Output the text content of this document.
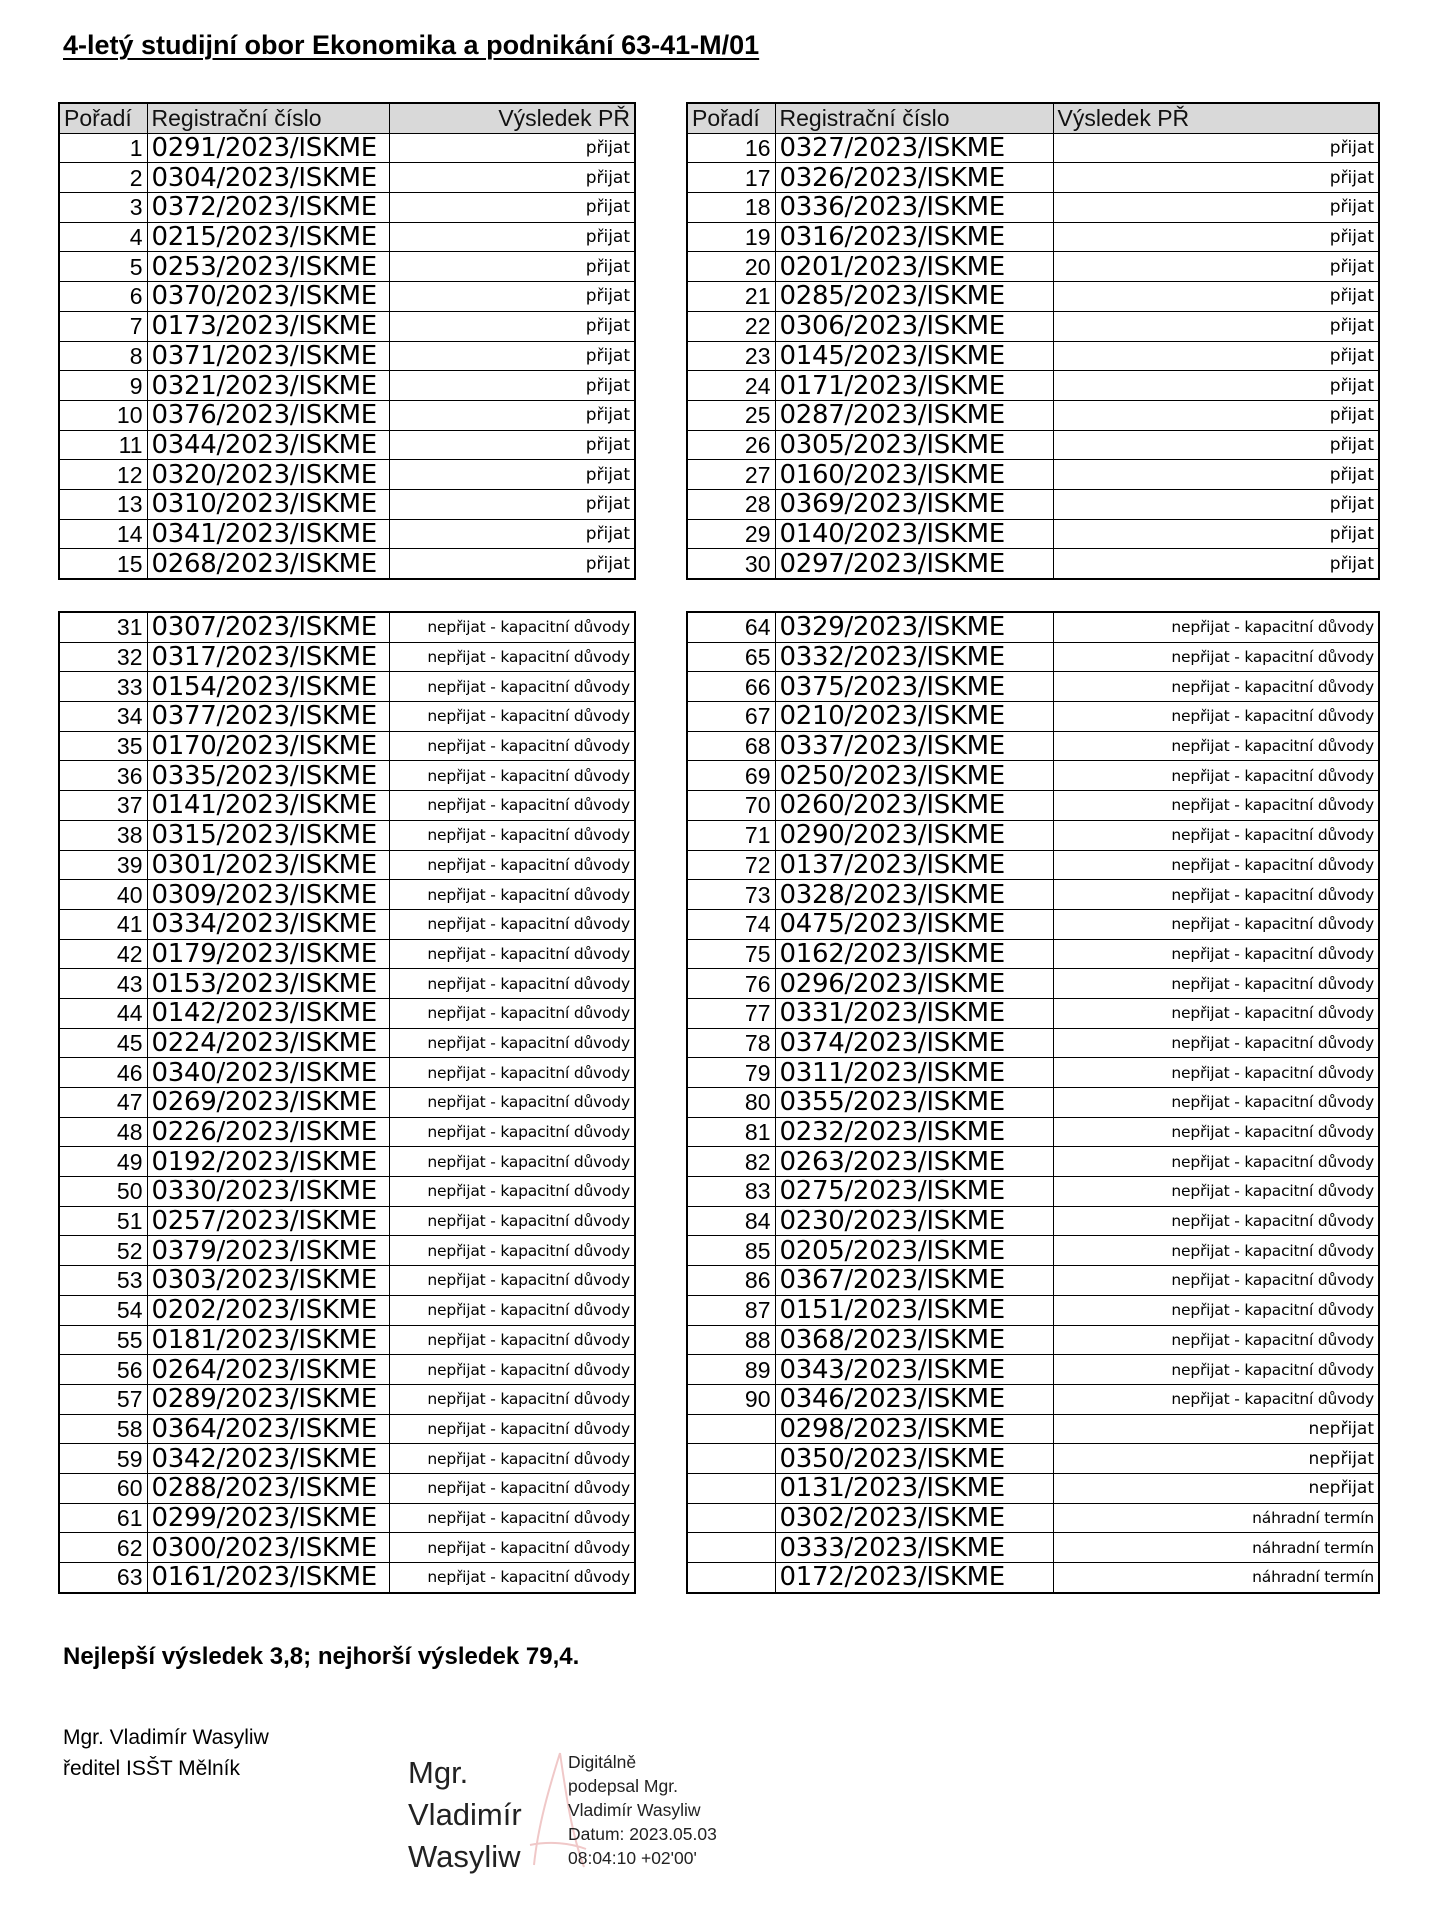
4-letý studijní obor Ekonomika a podnikání 63-41-M/01
Pořadí	Registrační číslo	Výsledek PŘ
1	0291/2023/ISKME	přijat
2	0304/2023/ISKME	přijat
3	0372/2023/ISKME	přijat
4	0215/2023/ISKME	přijat
5	0253/2023/ISKME	přijat
6	0370/2023/ISKME	přijat
7	0173/2023/ISKME	přijat
8	0371/2023/ISKME	přijat
9	0321/2023/ISKME	přijat
10	0376/2023/ISKME	přijat
11	0344/2023/ISKME	přijat
12	0320/2023/ISKME	přijat
13	0310/2023/ISKME	přijat
14	0341/2023/ISKME	přijat
15	0268/2023/ISKME	přijat
Pořadí	Registrační číslo	Výsledek PŘ
16	0327/2023/ISKME	přijat
17	0326/2023/ISKME	přijat
18	0336/2023/ISKME	přijat
19	0316/2023/ISKME	přijat
20	0201/2023/ISKME	přijat
21	0285/2023/ISKME	přijat
22	0306/2023/ISKME	přijat
23	0145/2023/ISKME	přijat
24	0171/2023/ISKME	přijat
25	0287/2023/ISKME	přijat
26	0305/2023/ISKME	přijat
27	0160/2023/ISKME	přijat
28	0369/2023/ISKME	přijat
29	0140/2023/ISKME	přijat
30	0297/2023/ISKME	přijat
31	0307/2023/ISKME	nepřijat - kapacitní důvody
32	0317/2023/ISKME	nepřijat - kapacitní důvody
33	0154/2023/ISKME	nepřijat - kapacitní důvody
34	0377/2023/ISKME	nepřijat - kapacitní důvody
35	0170/2023/ISKME	nepřijat - kapacitní důvody
36	0335/2023/ISKME	nepřijat - kapacitní důvody
37	0141/2023/ISKME	nepřijat - kapacitní důvody
38	0315/2023/ISKME	nepřijat - kapacitní důvody
39	0301/2023/ISKME	nepřijat - kapacitní důvody
40	0309/2023/ISKME	nepřijat - kapacitní důvody
41	0334/2023/ISKME	nepřijat - kapacitní důvody
42	0179/2023/ISKME	nepřijat - kapacitní důvody
43	0153/2023/ISKME	nepřijat - kapacitní důvody
44	0142/2023/ISKME	nepřijat - kapacitní důvody
45	0224/2023/ISKME	nepřijat - kapacitní důvody
46	0340/2023/ISKME	nepřijat - kapacitní důvody
47	0269/2023/ISKME	nepřijat - kapacitní důvody
48	0226/2023/ISKME	nepřijat - kapacitní důvody
49	0192/2023/ISKME	nepřijat - kapacitní důvody
50	0330/2023/ISKME	nepřijat - kapacitní důvody
51	0257/2023/ISKME	nepřijat - kapacitní důvody
52	0379/2023/ISKME	nepřijat - kapacitní důvody
53	0303/2023/ISKME	nepřijat - kapacitní důvody
54	0202/2023/ISKME	nepřijat - kapacitní důvody
55	0181/2023/ISKME	nepřijat - kapacitní důvody
56	0264/2023/ISKME	nepřijat - kapacitní důvody
57	0289/2023/ISKME	nepřijat - kapacitní důvody
58	0364/2023/ISKME	nepřijat - kapacitní důvody
59	0342/2023/ISKME	nepřijat - kapacitní důvody
60	0288/2023/ISKME	nepřijat - kapacitní důvody
61	0299/2023/ISKME	nepřijat - kapacitní důvody
62	0300/2023/ISKME	nepřijat - kapacitní důvody
63	0161/2023/ISKME	nepřijat - kapacitní důvody
64	0329/2023/ISKME	nepřijat - kapacitní důvody
65	0332/2023/ISKME	nepřijat - kapacitní důvody
66	0375/2023/ISKME	nepřijat - kapacitní důvody
67	0210/2023/ISKME	nepřijat - kapacitní důvody
68	0337/2023/ISKME	nepřijat - kapacitní důvody
69	0250/2023/ISKME	nepřijat - kapacitní důvody
70	0260/2023/ISKME	nepřijat - kapacitní důvody
71	0290/2023/ISKME	nepřijat - kapacitní důvody
72	0137/2023/ISKME	nepřijat - kapacitní důvody
73	0328/2023/ISKME	nepřijat - kapacitní důvody
74	0475/2023/ISKME	nepřijat - kapacitní důvody
75	0162/2023/ISKME	nepřijat - kapacitní důvody
76	0296/2023/ISKME	nepřijat - kapacitní důvody
77	0331/2023/ISKME	nepřijat - kapacitní důvody
78	0374/2023/ISKME	nepřijat - kapacitní důvody
79	0311/2023/ISKME	nepřijat - kapacitní důvody
80	0355/2023/ISKME	nepřijat - kapacitní důvody
81	0232/2023/ISKME	nepřijat - kapacitní důvody
82	0263/2023/ISKME	nepřijat - kapacitní důvody
83	0275/2023/ISKME	nepřijat - kapacitní důvody
84	0230/2023/ISKME	nepřijat - kapacitní důvody
85	0205/2023/ISKME	nepřijat - kapacitní důvody
86	0367/2023/ISKME	nepřijat - kapacitní důvody
87	0151/2023/ISKME	nepřijat - kapacitní důvody
88	0368/2023/ISKME	nepřijat - kapacitní důvody
89	0343/2023/ISKME	nepřijat - kapacitní důvody
90	0346/2023/ISKME	nepřijat - kapacitní důvody
	0298/2023/ISKME	nepřijat
	0350/2023/ISKME	nepřijat
	0131/2023/ISKME	nepřijat
	0302/2023/ISKME	náhradní termín
	0333/2023/ISKME	náhradní termín
	0172/2023/ISKME	náhradní termín
Nejlepší výsledek 3,8; nejhorší výsledek 79,4.
Mgr. Vladimír Wasyliw
ředitel ISŠT Mělník	Mgr.
Vladimír
Wasyliw
Digitálně
podepsal Mgr.
Vladimír Wasyliw
Datum: 2023.05.03
08:04:10 +02'00'
